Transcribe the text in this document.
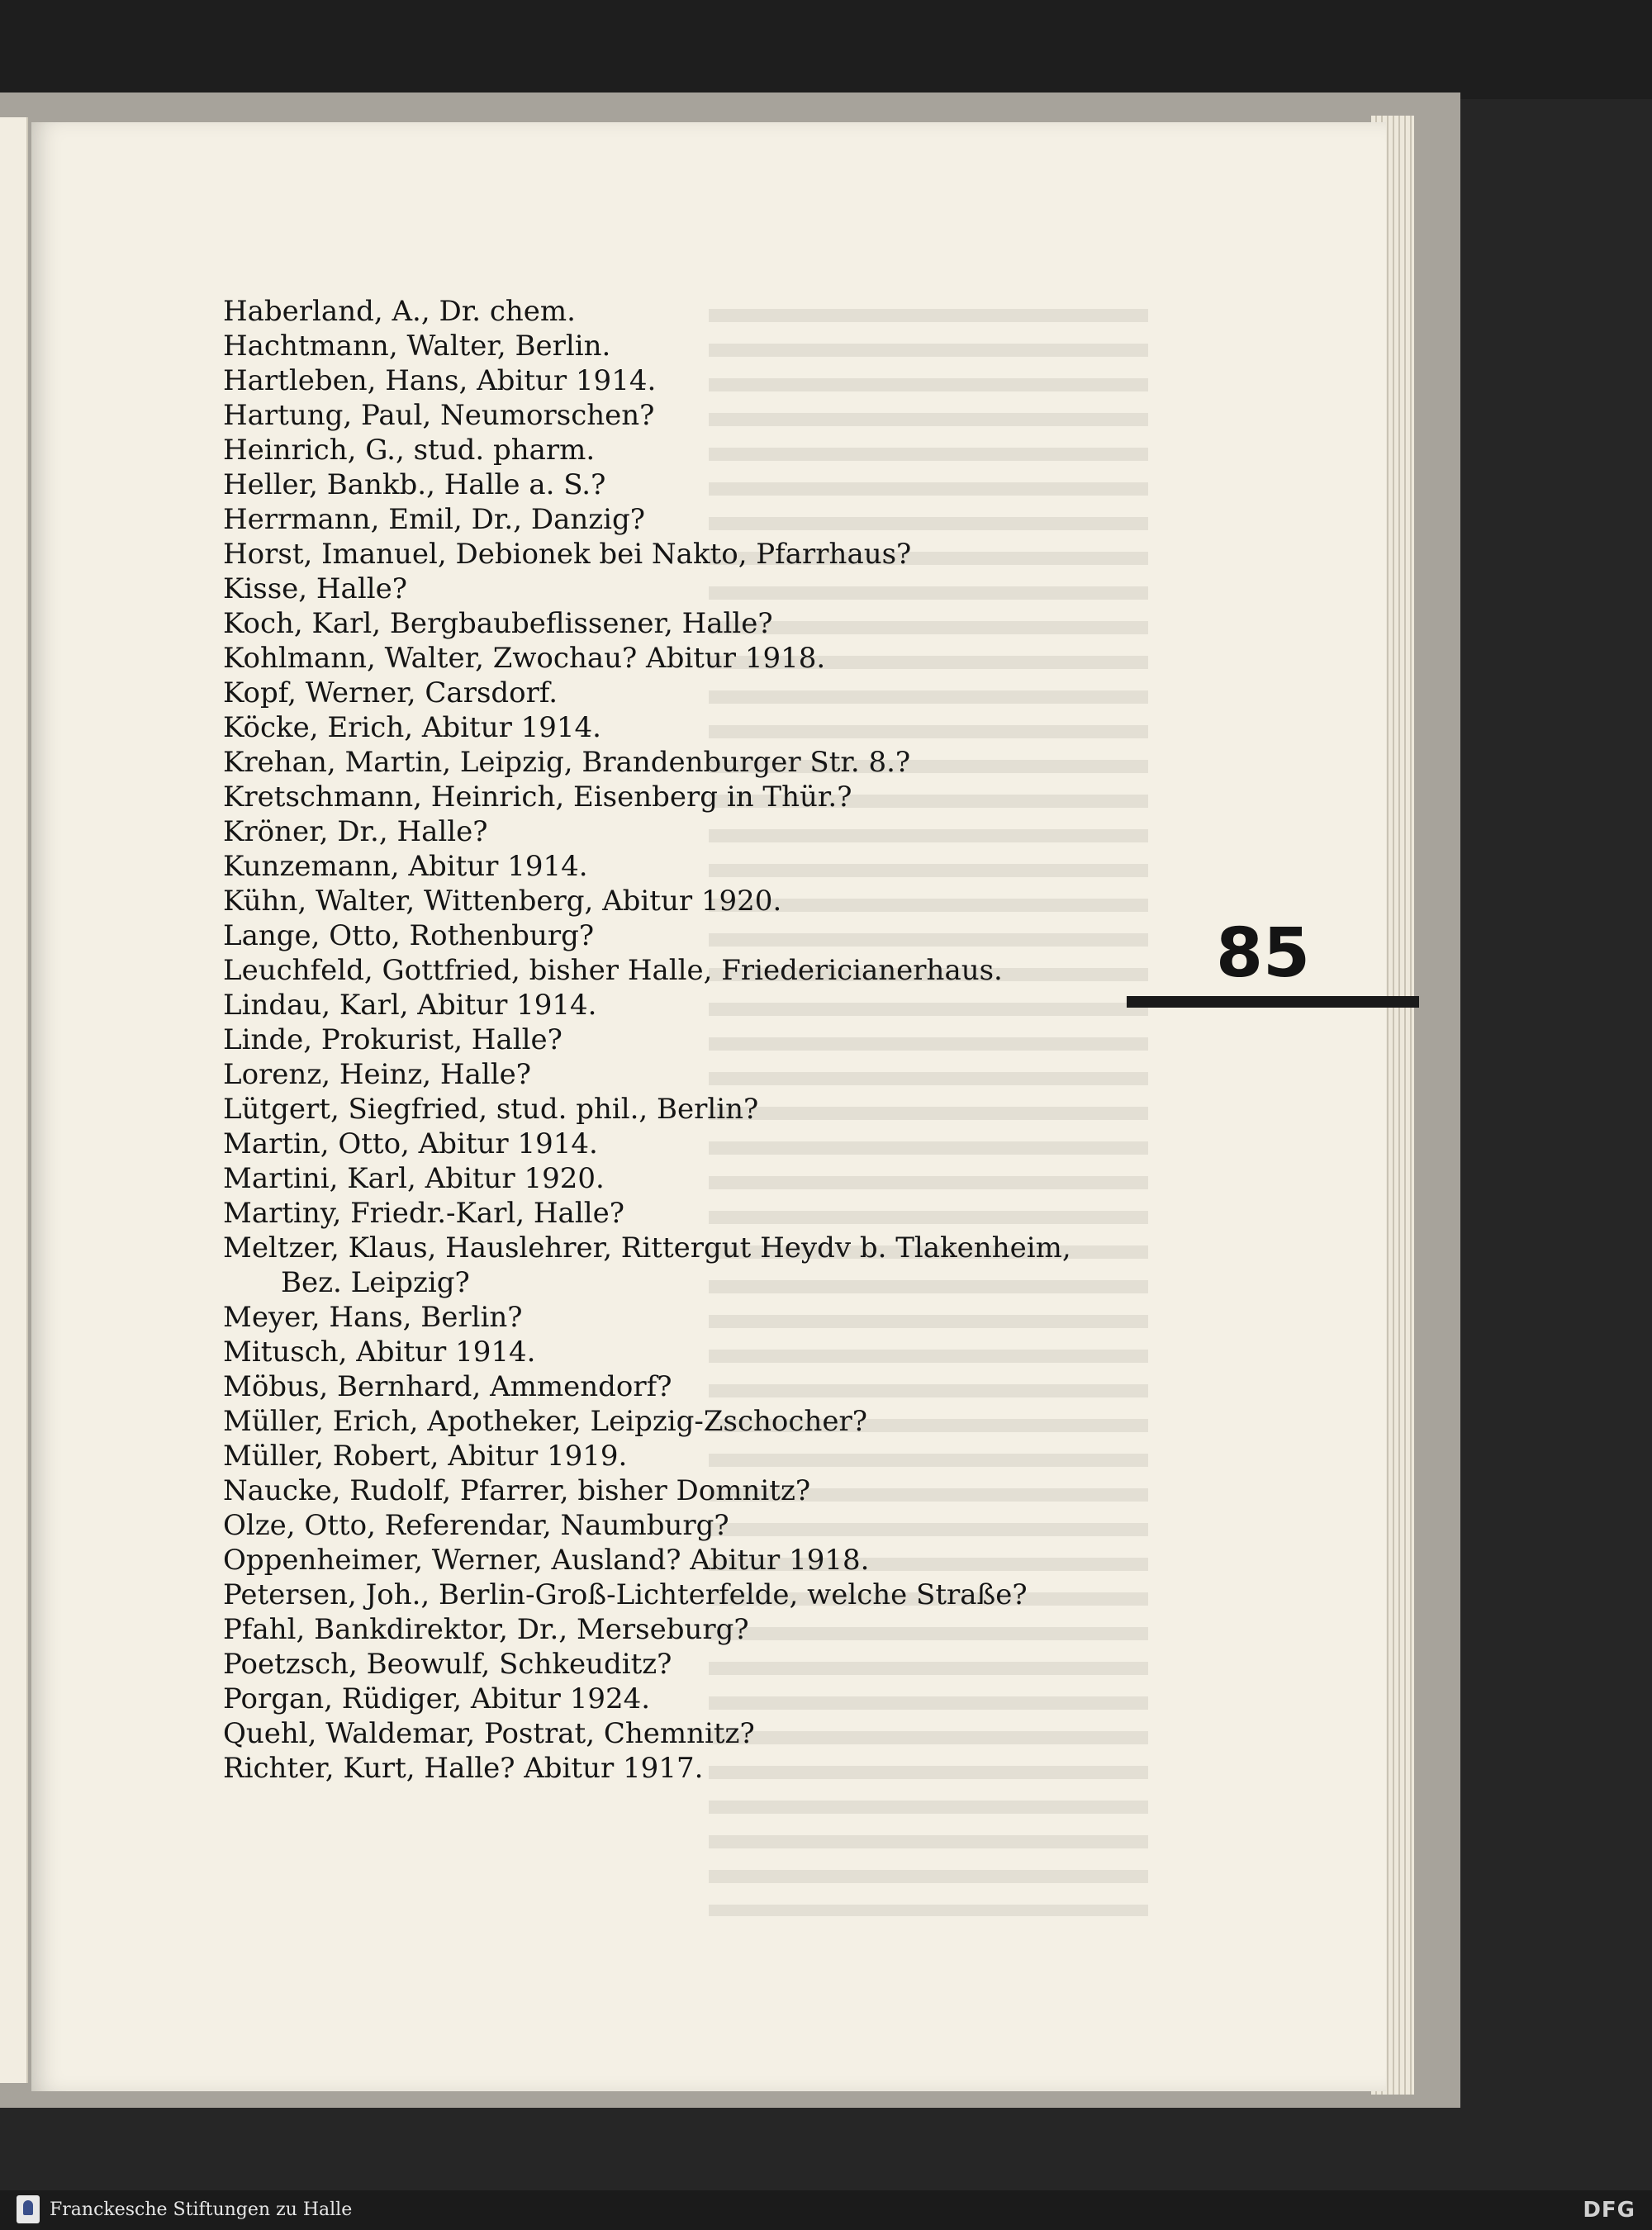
Haberland, A., Dr. chem.
Hachtmann, Walter, Berlin.
Hartleben, Hans, Abitur 1914.
Hartung, Paul, Neumorschen?
Heinrich, G., stud. pharm.
Heller, Bankb., Halle a. S.?
Herrmann, Emil, Dr., Danzig?
Horst, Imanuel, Debionek bei Nakto, Pfarrhaus?
Kisse, Halle?
Koch, Karl, Bergbaubeflissener, Halle?
Kohlmann, Walter, Zwochau? Abitur 1918.
Kopf, Werner, Carsdorf.
Köcke, Erich, Abitur 1914.
Krehan, Martin, Leipzig, Brandenburger Str. 8.?
Kretschmann, Heinrich, Eisenberg in Thür.?
Kröner, Dr., Halle?
Kunzemann, Abitur 1914.
Kühn, Walter, Wittenberg, Abitur 1920.
Lange, Otto, Rothenburg?
Leuchfeld, Gottfried, bisher Halle, Friedericianerhaus.
Lindau, Karl, Abitur 1914.
Linde, Prokurist, Halle?
Lorenz, Heinz, Halle?
Lütgert, Siegfried, stud. phil., Berlin?
Martin, Otto, Abitur 1914.
Martini, Karl, Abitur 1920.
Martiny, Friedr.-Karl, Halle?
Meltzer, Klaus, Hauslehrer, Rittergut Heydv b. Tlakenheim,
Bez. Leipzig?
Meyer, Hans, Berlin?
Mitusch, Abitur 1914.
Möbus, Bernhard, Ammendorf?
Müller, Erich, Apotheker, Leipzig-Zschocher?
Müller, Robert, Abitur 1919.
Naucke, Rudolf, Pfarrer, bisher Domnitz?
Olze, Otto, Referendar, Naumburg?
Oppenheimer, Werner, Ausland? Abitur 1918.
Petersen, Joh., Berlin-Groß-Lichterfelde, welche Straße?
Pfahl, Bankdirektor, Dr., Merseburg?
Poetzsch, Beowulf, Schkeuditz?
Porgan, Rüdiger, Abitur 1924.
Quehl, Waldemar, Postrat, Chemnitz?
Richter, Kurt, Halle? Abitur 1917.
85
Franckesche Stiftungen zu Halle	DFG
